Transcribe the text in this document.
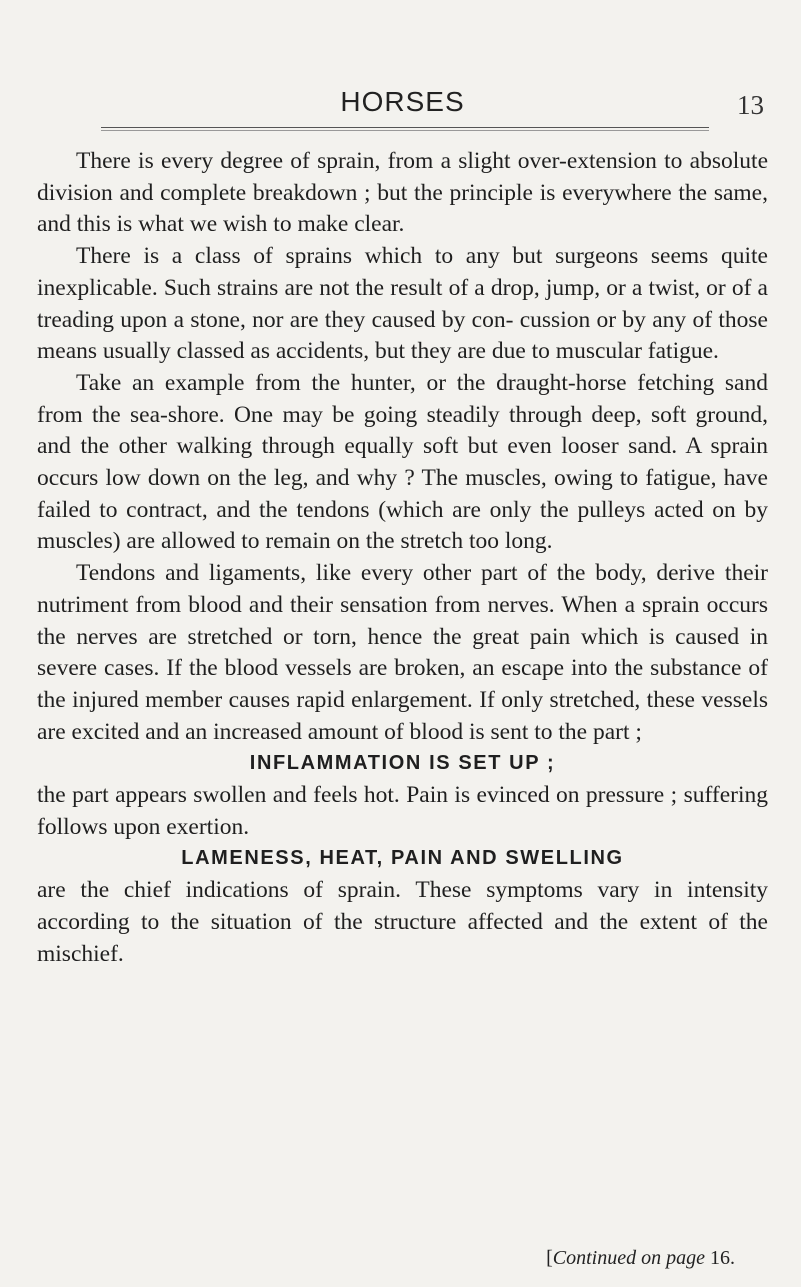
HORSES	13

There is every degree of sprain, from a slight over-extension to absolute division and complete breakdown ; but the principle is everywhere the same, and this is what we wish to make clear.

There is a class of sprains which to any but surgeons seems quite inexplicable. Such strains are not the result of a drop, jump, or a twist, or of a treading upon a stone, nor are they caused by con- cussion or by any of those means usually classed as accidents, but they are due to muscular fatigue.

Take an example from the hunter, or the draught-horse fetching sand from the sea-shore. One may be going steadily through deep, soft ground, and the other walking through equally soft but even looser sand. A sprain occurs low down on the leg, and why ? The muscles, owing to fatigue, have failed to contract, and the tendons (which are only the pulleys acted on by muscles) are allowed to remain on the stretch too long.

Tendons and ligaments, like every other part of the body, derive their nutriment from blood and their sensation from nerves. When a sprain occurs the nerves are stretched or torn, hence the great pain which is caused in severe cases. If the blood vessels are broken, an escape into the substance of the injured member causes rapid enlargement. If only stretched, these vessels are excited and an increased amount of blood is sent to the part ;

INFLAMMATION IS SET UP ;

the part appears swollen and feels hot. Pain is evinced on pressure ; suffering follows upon exertion.

LAMENESS, HEAT, PAIN AND SWELLING

are the chief indications of sprain. These symptoms vary in intensity according to the situation of the structure affected and the extent of the mischief.

[Continued on page 16.
